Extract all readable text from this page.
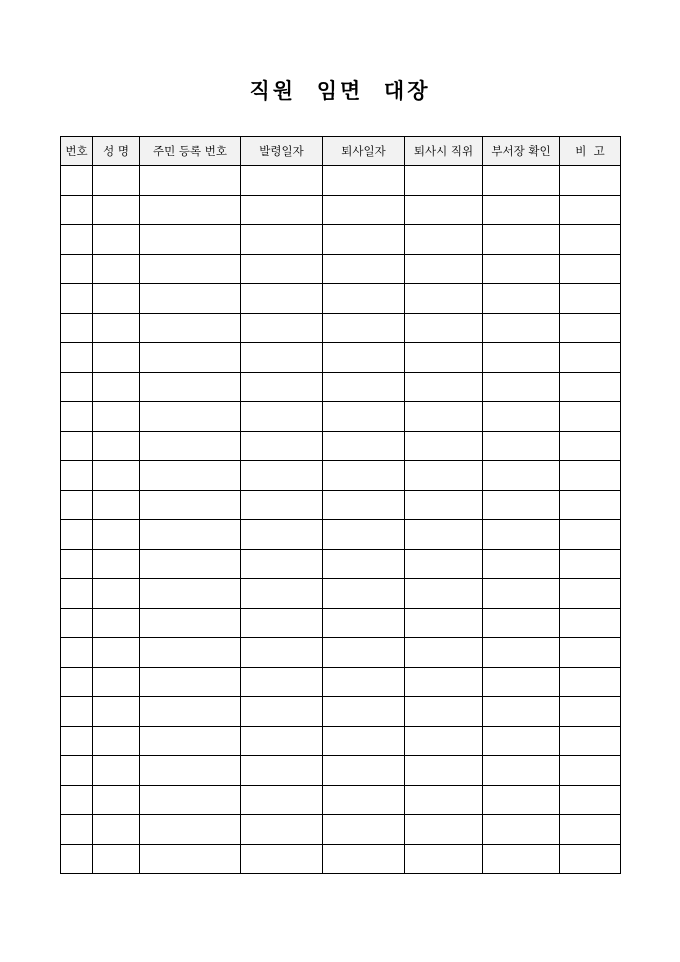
직원  임면  대장
번호	성 명	주민 등록 번호	발령일자	퇴사일자	퇴사시 직위	부서장 확인	비  고
